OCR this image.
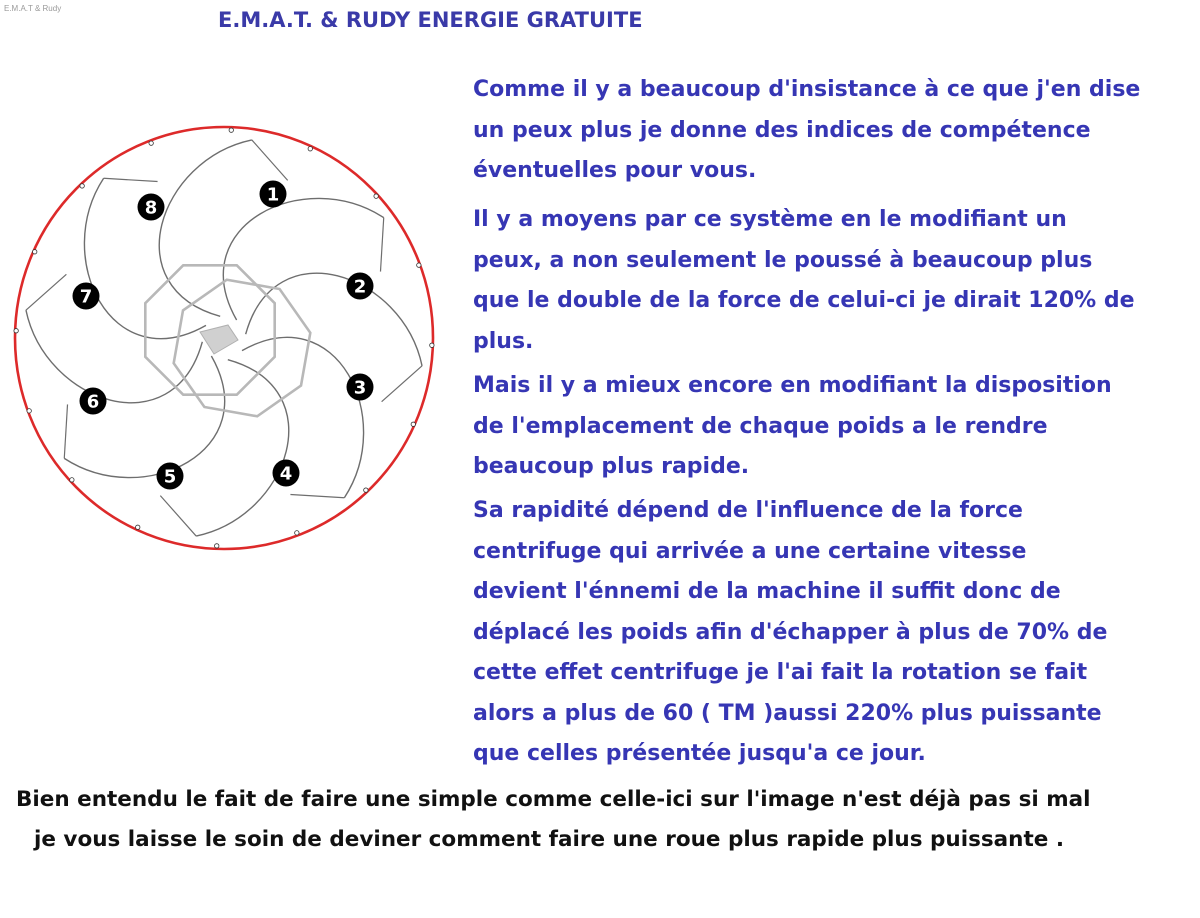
E.M.A.T & Rudy	E.M.A.T. & RUDY ENERGIE GRATUITE
1
2
3
4
5
6
7
8
Comme il y a beaucoup d'insistance à ce que j'en dise
un peux plus je donne des indices de compétence
éventuelles pour vous.
Il y a moyens par ce système en le modifiant un
peux, a non seulement le poussé à beaucoup plus
que le double de la force de celui-ci je dirait 120% de
plus.
Mais il y a mieux encore en modifiant la disposition
de l'emplacement de chaque poids a le rendre
beaucoup plus rapide.
Sa rapidité dépend de l'influence de la force
centrifuge qui arrivée a une certaine vitesse
devient l'énnemi de la machine il suffit donc de
déplacé les poids afin d'échapper à plus de 70% de
cette effet centrifuge je l'ai fait la rotation se fait
alors a plus de 60 ( TM )aussi 220% plus puissante
que celles présentée jusqu'a ce jour.
Bien entendu le fait de faire une simple comme celle-ici sur l'image n'est déjà pas si mal
je vous laisse le soin de deviner comment faire une roue plus rapide plus puissante .
